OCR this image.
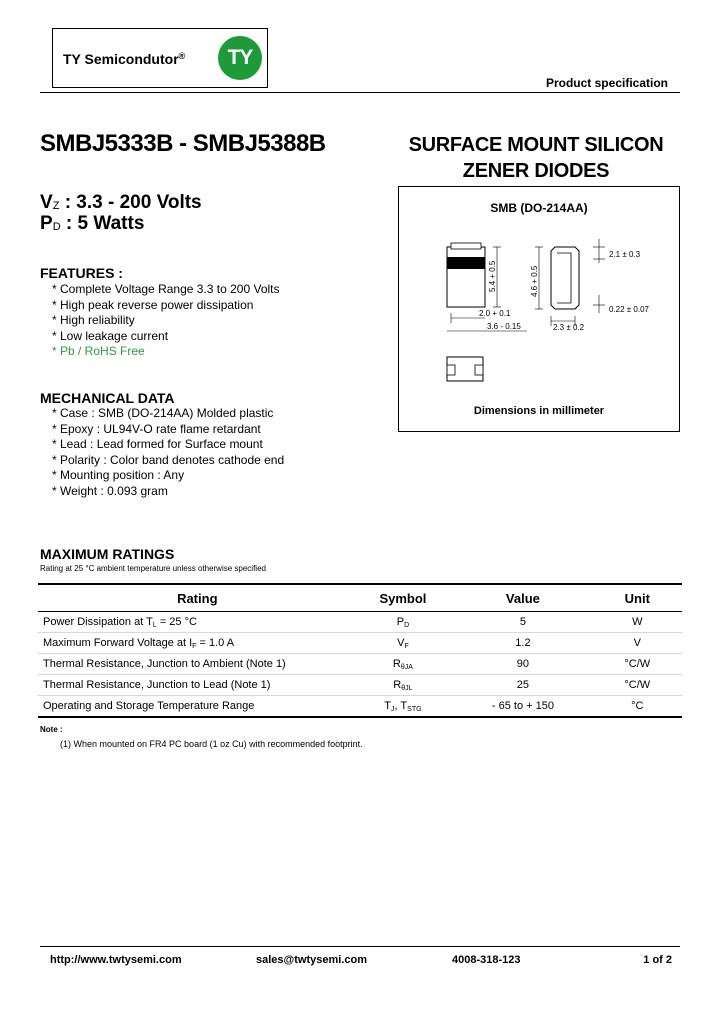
TY Semicondutor®	TY
Product specification
SMBJ5333B - SMBJ5388B	SURFACE MOUNT SILICON
ZENER DIODES
$V_Z$ : 3.3 - 200 Volts
$P_D$ : 5 Watts
FEATURES :
* Complete Voltage Range 3.3 to 200 Volts
* High peak reverse power dissipation
* High reliability
* Low leakage current
* Pb / RoHS Free
MECHANICAL DATA
* Case : SMB (DO-214AA) Molded plastic
* Epoxy : UL94V-O rate flame retardant
* Lead : Lead formed for Surface mount
* Polarity : Color band denotes cathode end
* Mounting position : Any
* Weight : 0.093 gram
SMB (DO-214AA)
5.4 + 0.5
2.0 + 0.1
3.6 - 0.15
4.6 + 0.5
2.1 ± 0.3
0.22 ± 0.07
2.3 ± 0.2
Dimensions in millimeter
MAXIMUM RATINGS
Rating at 25 °C ambient temperature unless otherwise specified
Rating	Symbol	Value	Unit
Power Dissipation at $T_L = 25$ °C	$P_D$	5	W
Maximum Forward Voltage at $I_F = 1.0$ A	$V_F$	1.2	V
Thermal Resistance, Junction to Ambient (Note 1)	$R_{\theta JA}$	90	°C/W
Thermal Resistance, Junction to Lead (Note 1)	$R_{\theta JL}$	25	°C/W
Operating and Storage Temperature Range	$T_J$, $T_{STG}$	- 65 to + 150	°C
Note :
(1) When mounted on FR4 PC board (1 oz Cu) with recommended footprint.
http://www.twtysemi.com	sales@twtysemi.com	4008-318-123	1 of 2
